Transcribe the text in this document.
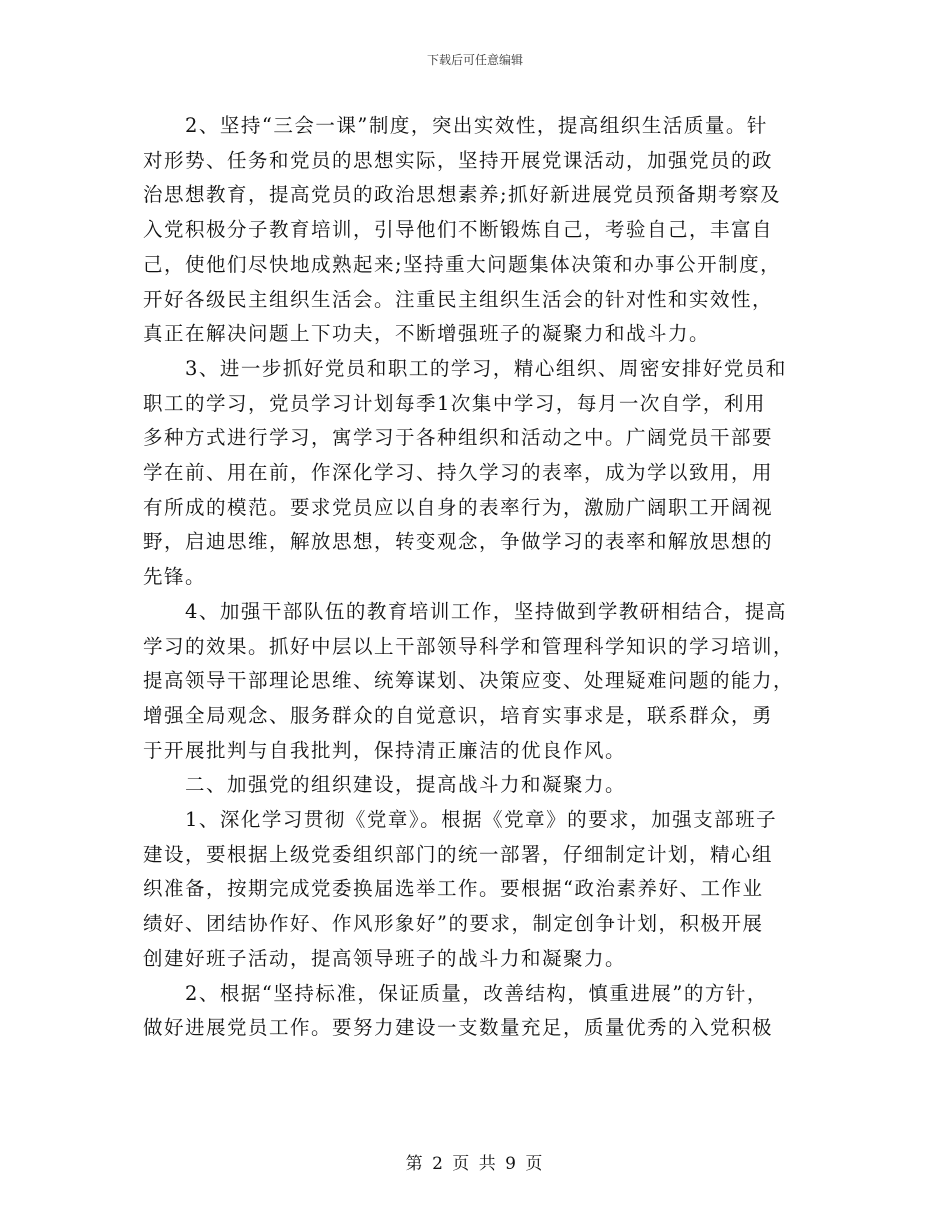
下载后可任意编辑
　　2、坚持“三会一课”制度，突出实效性，提高组织生活质量。针
对形势、任务和党员的思想实际，坚持开展党课活动，加强党员的政
治思想教育，提高党员的政治思想素养;抓好新进展党员预备期考察及
入党积极分子教育培训，引导他们不断锻炼自己，考验自己，丰富自
己，使他们尽快地成熟起来;坚持重大问题集体决策和办事公开制度，
开好各级民主组织生活会。注重民主组织生活会的针对性和实效性，
真正在解决问题上下功夫，不断增强班子的凝聚力和战斗力。
　　3、进一步抓好党员和职工的学习，精心组织、周密安排好党员和
职工的学习，党员学习计划每季1次集中学习，每月一次自学，利用
多种方式进行学习，寓学习于各种组织和活动之中。广阔党员干部要
学在前、用在前，作深化学习、持久学习的表率，成为学以致用，用
有所成的模范。要求党员应以自身的表率行为，激励广阔职工开阔视
野，启迪思维，解放思想，转变观念，争做学习的表率和解放思想的
先锋。
　　4、加强干部队伍的教育培训工作，坚持做到学教研相结合，提高
学习的效果。抓好中层以上干部领导科学和管理科学知识的学习培训，
提高领导干部理论思维、统筹谋划、决策应变、处理疑难问题的能力，
增强全局观念、服务群众的自觉意识，培育实事求是，联系群众，勇
于开展批判与自我批判，保持清正廉洁的优良作风。
　　二、加强党的组织建设，提高战斗力和凝聚力。
　　1、深化学习贯彻《党章》。根据《党章》的要求，加强支部班子
建设，要根据上级党委组织部门的统一部署，仔细制定计划，精心组
织准备，按期完成党委换届选举工作。要根据“政治素养好、工作业
绩好、团结协作好、作风形象好”的要求，制定创争计划，积极开展
创建好班子活动，提高领导班子的战斗力和凝聚力。
　　2、根据“坚持标准，保证质量，改善结构，慎重进展”的方针，
做好进展党员工作。要努力建设一支数量充足，质量优秀的入党积极
第 2 页 共 9 页
